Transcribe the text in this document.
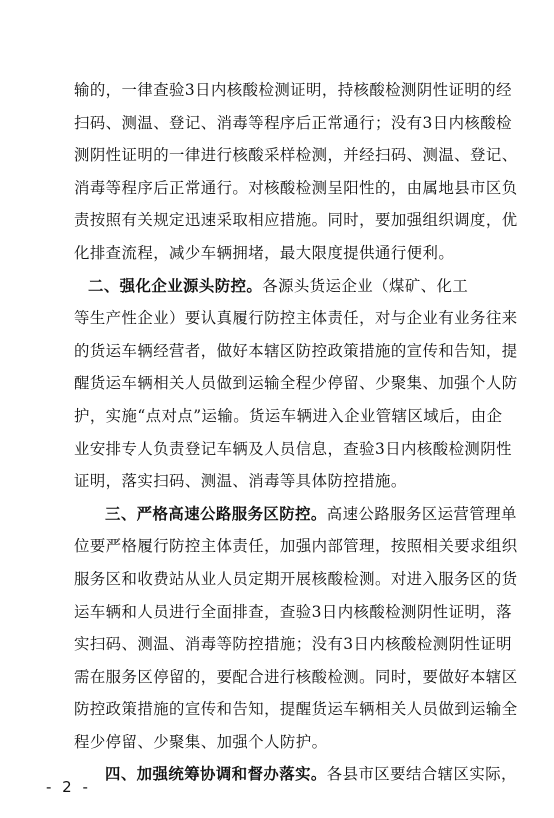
输的，一律查验3日内核酸检测证明，持核酸检测阴性证明的经
扫码、测温、登记、消毒等程序后正常通行；没有3日内核酸检
测阴性证明的一律进行核酸采样检测，并经扫码、测温、登记、
消毒等程序后正常通行。对核酸检测呈阳性的，由属地县市区负
责按照有关规定迅速采取相应措施。同时，要加强组织调度，优
化排查流程，减少车辆拥堵，最大限度提供通行便利。
二、强化企业源头防控。各源头货运企业（煤矿、化工
等生产性企业）要认真履行防控主体责任，对与企业有业务往来
的货运车辆经营者，做好本辖区防控政策措施的宣传和告知，提
醒货运车辆相关人员做到运输全程少停留、少聚集、加强个人防
护，实施“点对点”运输。货运车辆进入企业管辖区域后，由企
业安排专人负责登记车辆及人员信息，查验3日内核酸检测阴性
证明，落实扫码、测温、消毒等具体防控措施。
三、严格高速公路服务区防控。高速公路服务区运营管理单
位要严格履行防控主体责任，加强内部管理，按照相关要求组织
服务区和收费站从业人员定期开展核酸检测。对进入服务区的货
运车辆和人员进行全面排查，查验3日内核酸检测阴性证明，落
实扫码、测温、消毒等防控措施；没有3日内核酸检测阴性证明
需在服务区停留的，要配合进行核酸检测。同时，要做好本辖区
防控政策措施的宣传和告知，提醒货运车辆相关人员做到运输全
程少停留、少聚集、加强个人防护。
四、加强统筹协调和督办落实。各县市区要结合辖区实际，
- 2 -
